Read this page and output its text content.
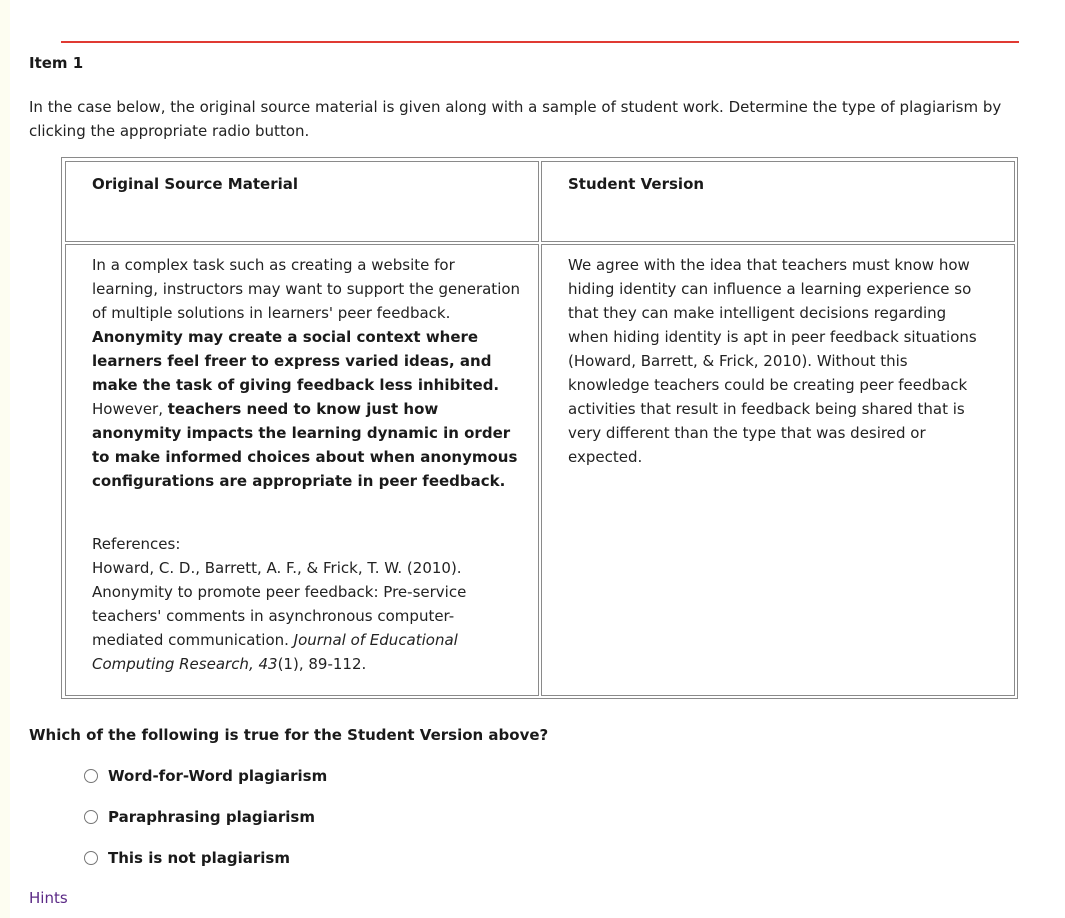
Item 1

In the case below, the original source material is given along with a sample of student work. Determine the type of plagiarism by clicking the appropriate radio button.

Original Source Material	Student Version

In a complex task such as creating a website for learning, instructors may want to support the generation of multiple solutions in learners' peer feedback. Anonymity may create a social context where learners feel freer to express varied ideas, and make the task of giving feedback less inhibited. However, teachers need to know just how anonymity impacts the learning dynamic in order to make informed choices about when anonymous configurations are appropriate in peer feedback.

References:
Howard, C. D., Barrett, A. F., & Frick, T. W. (2010). Anonymity to promote peer feedback: Pre-service teachers' comments in asynchronous computer-mediated communication. Journal of Educational Computing Research, 43(1), 89-112.

We agree with the idea that teachers must know how hiding identity can influence a learning experience so that they can make intelligent decisions regarding when hiding identity is apt in peer feedback situations (Howard, Barrett, & Frick, 2010). Without this knowledge teachers could be creating peer feedback activities that result in feedback being shared that is very different than the type that was desired or expected.

Which of the following is true for the Student Version above?

Word-for-Word plagiarism
Paraphrasing plagiarism
This is not plagiarism
Hints
